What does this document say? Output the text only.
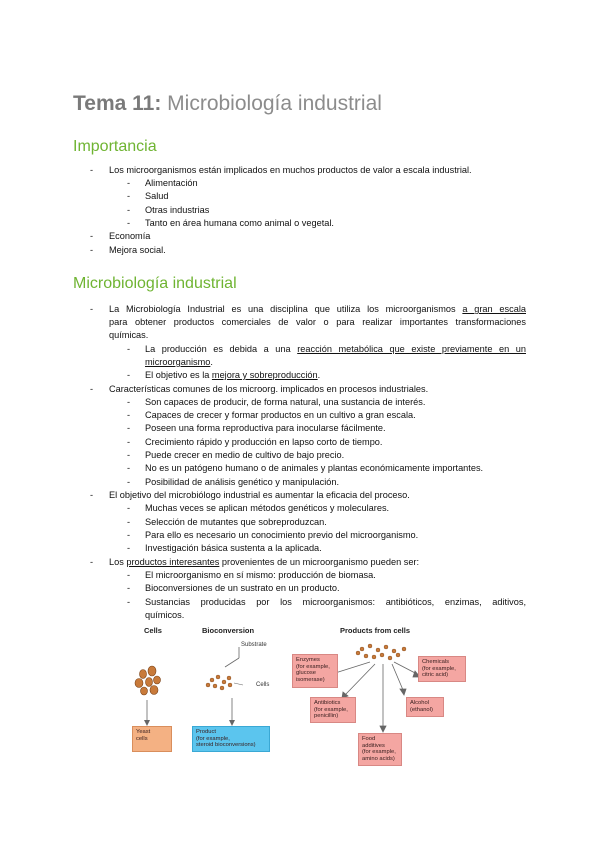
Tema 11: Microbiología industrial
Importancia
- Los microorganismos están implicados en muchos productos de valor a escala industrial.
- Alimentación
- Salud
- Otras industrias
- Tanto en área humana como animal o vegetal.
- Economía
- Mejora social.
Microbiología industrial
- La Microbiología Industrial es una disciplina que utiliza los microorganismos a gran escala
para obtener productos comerciales de valor o para realizar importantes transformaciones
químicas.
- La producción es debida a una reacción metabólica que existe previamente en un
microorganismo.
- El objetivo es la mejora y sobreproducción.
- Características comunes de los microorg. implicados en procesos industriales.
- Son capaces de producir, de forma natural, una sustancia de interés.
- Capaces de crecer y formar productos en un cultivo a gran escala.
- Poseen una forma reproductiva para inocularse fácilmente.
- Crecimiento rápido y producción en lapso corto de tiempo.
- Puede crecer en medio de cultivo de bajo precio.
- No es un patógeno humano o de animales y plantas económicamente importantes.
- Posibilidad de análisis genético y manipulación.
- El objetivo del microbiólogo industrial es aumentar la eficacia del proceso.
- Muchas veces se aplican métodos genéticos y moleculares.
- Selección de mutantes que sobreproduzcan.
- Para ello es necesario un conocimiento previo del microorganismo.
- Investigación básica sustenta a la aplicada.
- Los productos interesantes provenientes de un microorganismo pueden ser:
- El microorganismo en sí mismo: producción de biomasa.
- Bioconversiones de un sustrato en un producto.
- Sustancias producidas por los microorganismos: antibióticos, enzimas, aditivos,
químicos.
Cells	Bioconversion	Products from cells
Substrate
Cells
Yeast
cells
Product
(for example,
steroid bioconversions)
Enzymes
(for example,
glucose
isomerase)
Chemicals
(for example,
citric acid)
Antibiotics
(for example,
penicillin)
Alcohol
(ethanol)
Food
additives
(for example,
amino acids)
